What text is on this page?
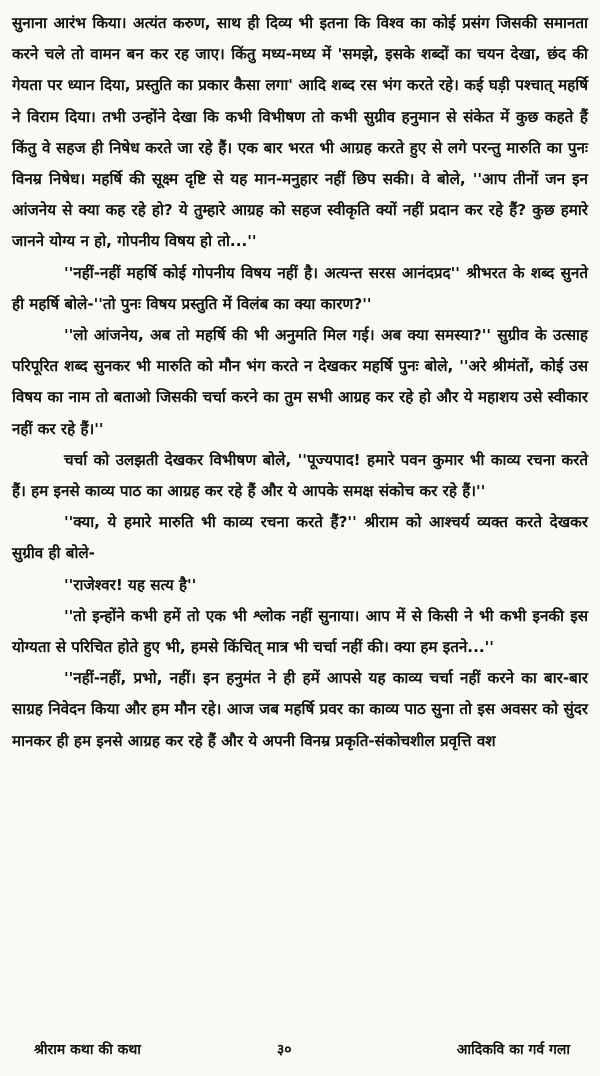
सुनाना आरंभ किया। अत्यंत करुण, साथ ही दिव्य भी इतना कि विश्व का कोई प्रसंग जिसकी समानता करने चले तो वामन बन कर रह जाए। किंतु मध्य-मध्य में 'समझे, इसके शब्दों का चयन देखा, छंद की गेयता पर ध्यान दिया, प्रस्तुति का प्रकार कैसा लगा' आदि शब्द रस भंग करते रहे। कई घड़ी पश्चात् महर्षि ने विराम दिया। तभी उन्होंने देखा कि कभी विभीषण तो कभी सुग्रीव हनुमान से संकेत में कुछ कहते हैं किंतु वे सहज ही निषेध करते जा रहे हैं। एक बार भरत भी आग्रह करते हुए से लगे परन्तु मारुति का पुनः विनम्र निषेध। महर्षि की सूक्ष्म दृष्टि से यह मान-मनुहार नहीं छिप सकी। वे बोले, ''आप तीनों जन इन आंजनेय से क्या कह रहे हो? ये तुम्हारे आग्रह को सहज स्वीकृति क्यों नहीं प्रदान कर रहे हैं? कुछ हमारे जानने योग्य न हो, गोपनीय विषय हो तो...''

''नहीं-नहीं महर्षि कोई गोपनीय विषय नहीं है। अत्यन्त सरस आनंदप्रद'' श्रीभरत के शब्द सुनते ही महर्षि बोले-''तो पुनः विषय प्रस्तुति में विलंब का क्या कारण?''

''लो आंजनेय, अब तो महर्षि की भी अनुमति मिल गई। अब क्या समस्या?'' सुग्रीव के उत्साह परिपूरित शब्द सुनकर भी मारुति को मौन भंग करते न देखकर महर्षि पुनः बोले, ''अरे श्रीमंतों, कोई उस विषय का नाम तो बताओ जिसकी चर्चा करने का तुम सभी आग्रह कर रहे हो और ये महाशय उसे स्वीकार नहीं कर रहे हैं।''

चर्चा को उलझती देखकर विभीषण बोले, ''पूज्यपाद! हमारे पवन कुमार भी काव्य रचना करते हैं। हम इनसे काव्य पाठ का आग्रह कर रहे हैं और ये आपके समक्ष संकोच कर रहे हैं।''

''क्या, ये हमारे मारुति भी काव्य रचना करते हैं?'' श्रीराम को आश्चर्य व्यक्त करते देखकर सुग्रीव ही बोले-

''राजेश्वर! यह सत्य है''

''तो इन्होंने कभी हमें तो एक भी श्लोक नहीं सुनाया। आप में से किसी ने भी कभी इनकी इस योग्यता से परिचित होते हुए भी, हमसे किंचित् मात्र भी चर्चा नहीं की। क्या हम इतने...''

''नहीं-नहीं, प्रभो, नहीं। इन हनुमंत ने ही हमें आपसे यह काव्य चर्चा नहीं करने का बार-बार साग्रह निवेदन किया और हम मौन रहे। आज जब महर्षि प्रवर का काव्य पाठ सुना तो इस अवसर को सुंदर मानकर ही हम इनसे आग्रह कर रहे हैं और ये अपनी विनम्र प्रकृति-संकोचशील प्रवृत्ति वश

श्रीराम कथा की कथा	३०	आदिकवि का गर्व गला
